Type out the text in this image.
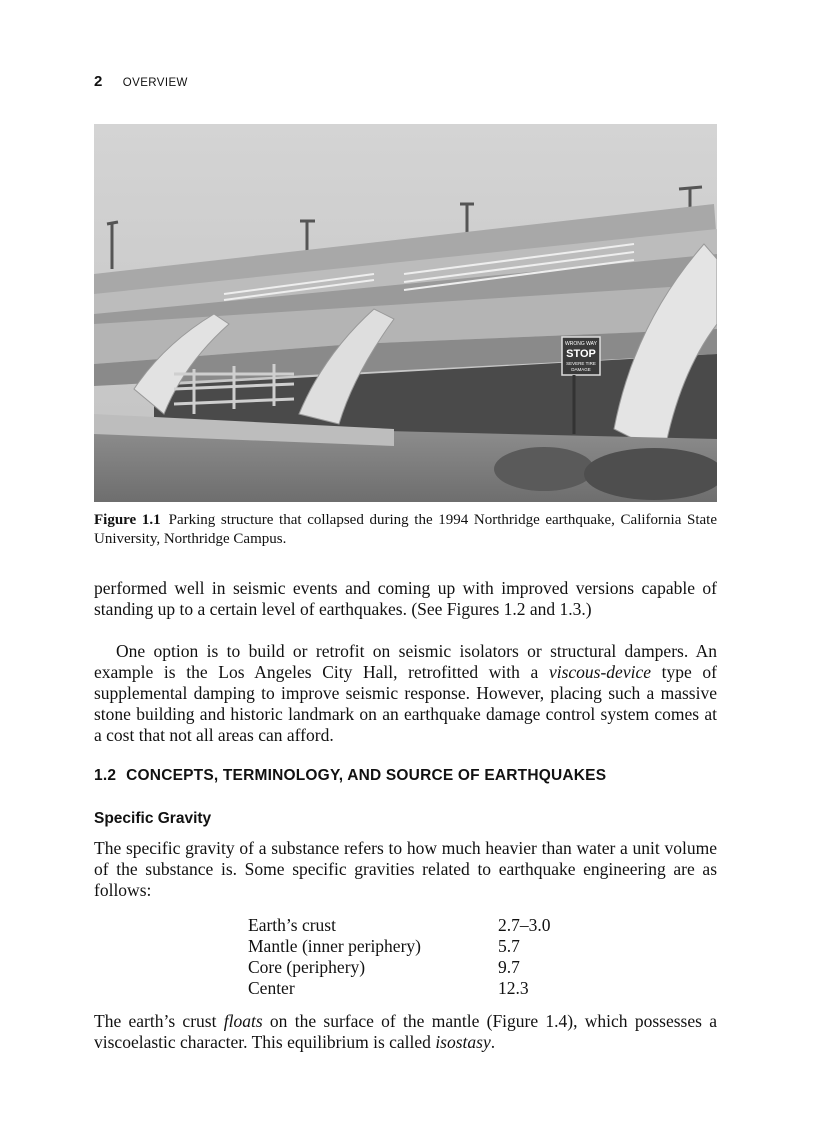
2 OVERVIEW
WRONG WAY
STOP
SEVERE TIRE
DAMAGE
Figure 1.1 Parking structure that collapsed during the 1994 Northridge earthquake, California State University, Northridge Campus.

performed well in seismic events and coming up with improved versions capable of standing up to a certain level of earthquakes. (See Figures 1.2 and 1.3.)

One option is to build or retrofit on seismic isolators or structural dampers. An example is the Los Angeles City Hall, retrofitted with a viscous-device type of supplemental damping to improve seismic response. However, placing such a massive stone building and historic landmark on an earthquake damage control system comes at a cost that not all areas can afford.

1.2 CONCEPTS, TERMINOLOGY, AND SOURCE OF EARTHQUAKES
Specific Gravity

The specific gravity of a substance refers to how much heavier than water a unit volume of the substance is. Some specific gravities related to earthquake engineering are as follows:

Earth’s crust	2.7–3.0
Mantle (inner periphery)	5.7
Core (periphery)	9.7
Center	12.3

The earth’s crust floats on the surface of the mantle (Figure 1.4), which possesses a viscoelastic character. This equilibrium is called isostasy.
